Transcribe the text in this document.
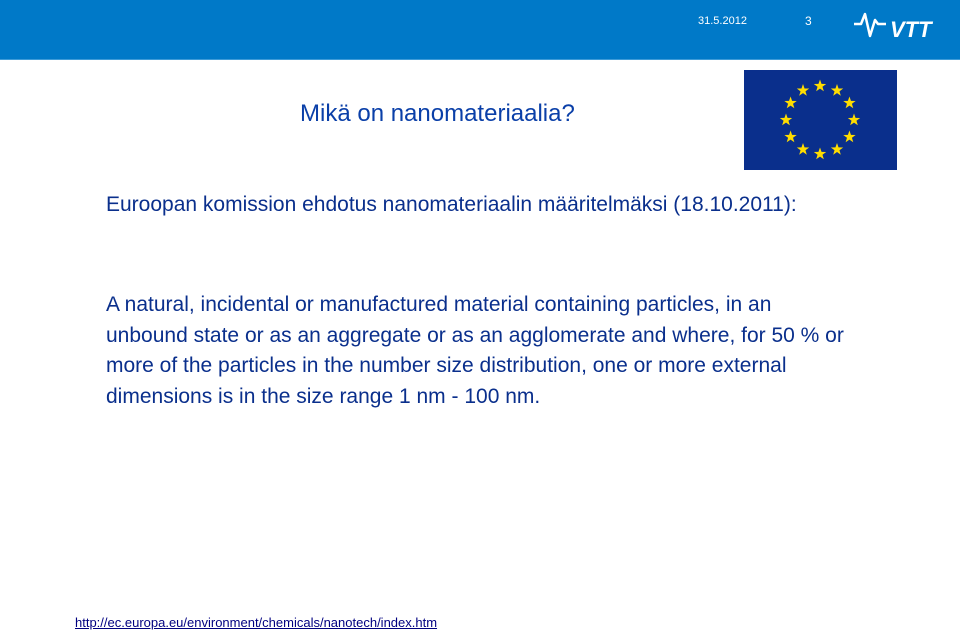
31.5.2012	3	VTT
Mikä on nanomateriaalia?

Euroopan komission ehdotus nanomateriaalin määritelmäksi (18.10.2011):

A natural, incidental or manufactured material containing particles, in an unbound state or as an aggregate or as an agglomerate and where, for 50 % or more of the particles in the number size distribution, one or more external dimensions is in the size range 1 nm - 100 nm.

http://ec.europa.eu/environment/chemicals/nanotech/index.htm
